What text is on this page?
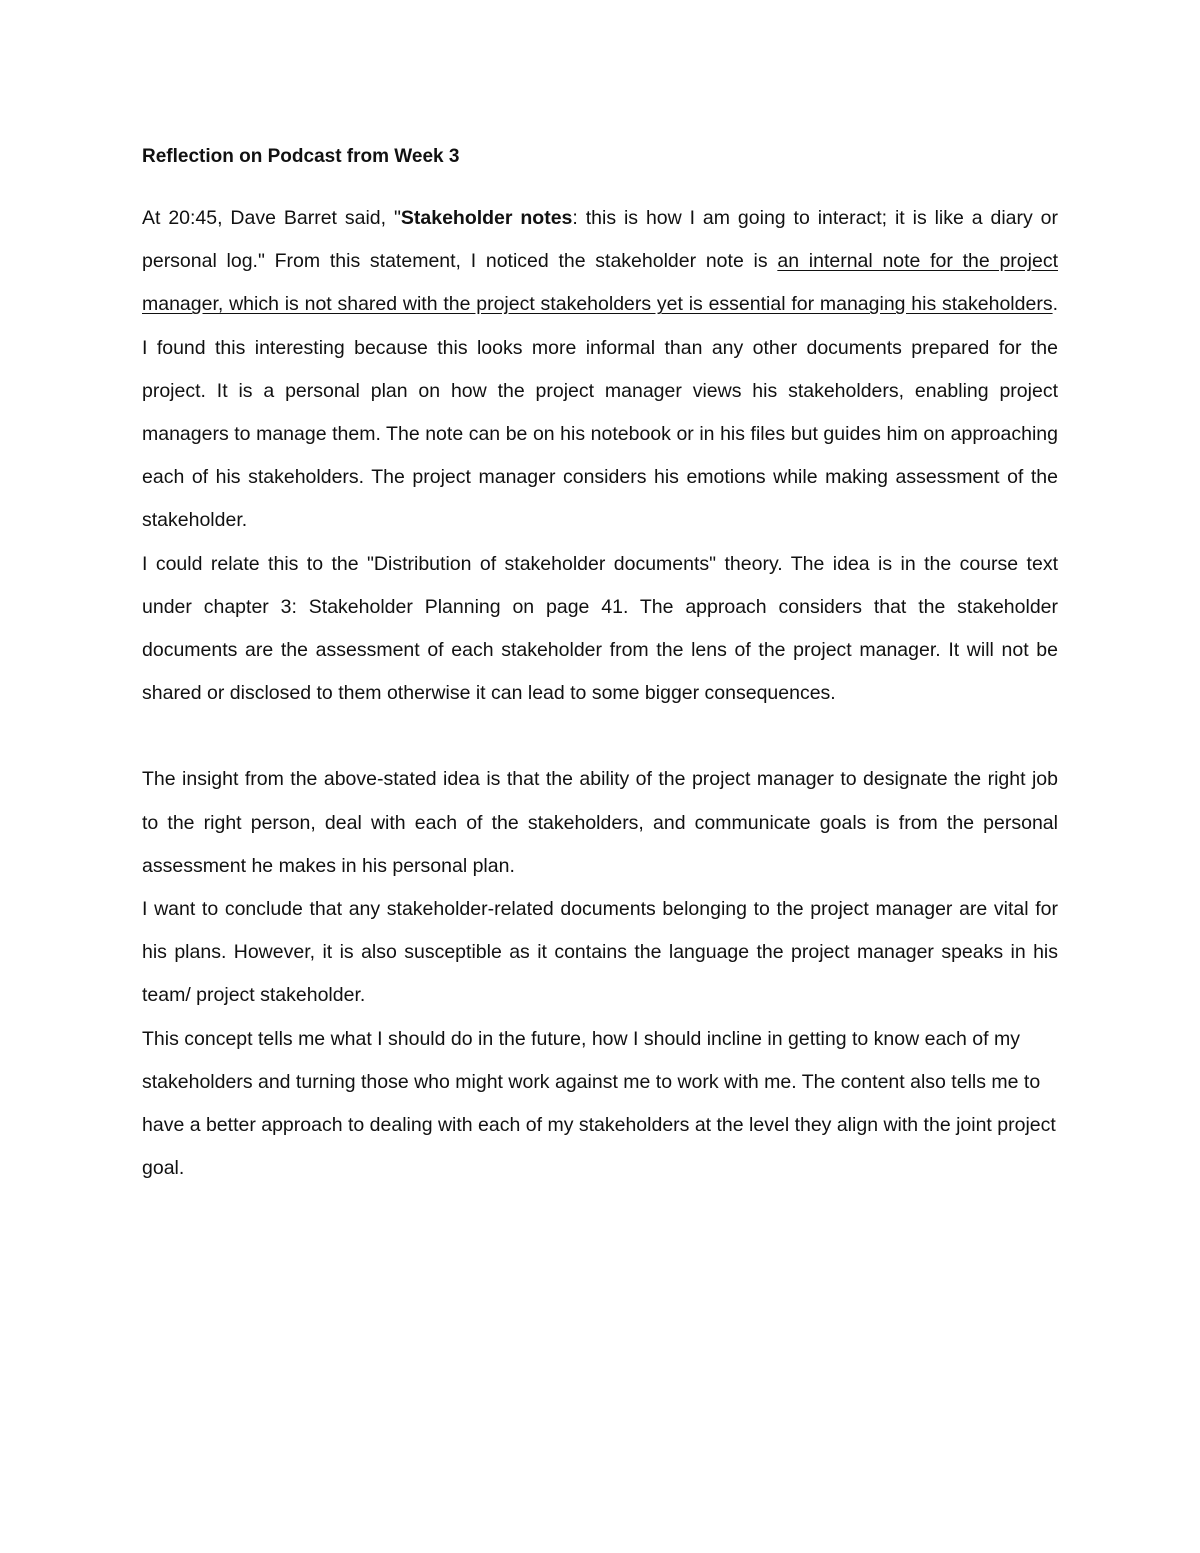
Reflection on Podcast from Week 3

At 20:45, Dave Barret said, "Stakeholder notes: this is how I am going to interact; it is like a diary or personal log." From this statement, I noticed the stakeholder note is an internal note for the project manager, which is not shared with the project stakeholders yet is essential for managing his stakeholders. I found this interesting because this looks more informal than any other documents prepared for the project. It is a personal plan on how the project manager views his stakeholders, enabling project managers to manage them. The note can be on his notebook or in his files but guides him on approaching each of his stakeholders. The project manager considers his emotions while making assessment of the stakeholder.

I could relate this to the "Distribution of stakeholder documents" theory. The idea is in the course text under chapter 3: Stakeholder Planning on page 41. The approach considers that the stakeholder documents are the assessment of each stakeholder from the lens of the project manager. It will not be shared or disclosed to them otherwise it can lead to some bigger consequences.

The insight from the above-stated idea is that the ability of the project manager to designate the right job to the right person, deal with each of the stakeholders, and communicate goals is from the personal assessment he makes in his personal plan.

I want to conclude that any stakeholder-related documents belonging to the project manager are vital for his plans. However, it is also susceptible as it contains the language the project manager speaks in his team/ project stakeholder.

This concept tells me what I should do in the future, how I should incline in getting to know each of my stakeholders and turning those who might work against me to work with me. The content also tells me to have a better approach to dealing with each of my stakeholders at the level they align with the joint project goal.
